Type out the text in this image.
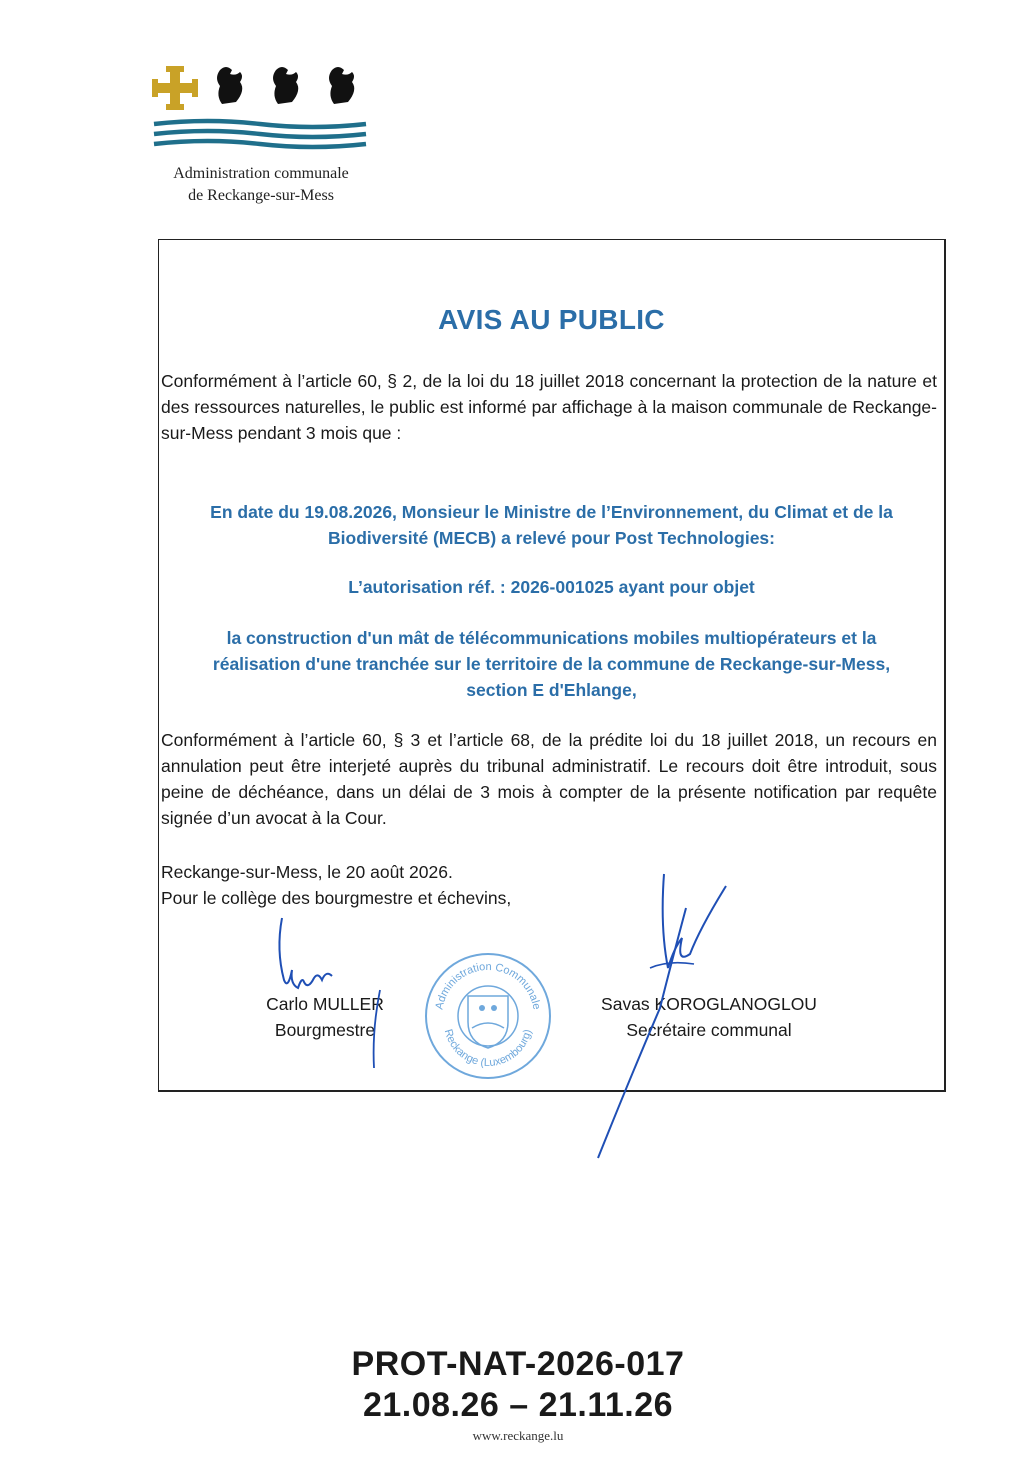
Administration communale
de Reckange-sur-Mess
AVIS AU PUBLIC

Conformément à l’article 60, § 2, de la loi du 18 juillet 2018 concernant la protection de la nature et des ressources naturelles, le public est informé par affichage à la maison communale de Reckange-sur-Mess pendant 3 mois que :

En date du 19.08.2026, Monsieur le Ministre de l’Environnement, du Climat et de la Biodiversité (MECB) a relevé pour Post Technologies:

L’autorisation réf. : 2026-001025 ayant pour objet

la construction d'un mât de télécommunications mobiles multiopérateurs et la réalisation d'une tranchée sur le territoire de la commune de Reckange-sur-Mess, section E d'Ehlange,

Conformément à l’article 60, § 3 et l’article 68, de la prédite loi du 18 juillet 2018, un recours en annulation peut être interjeté auprès du tribunal administratif. Le recours doit être introduit, sous peine de déchéance, dans un délai de 3 mois à compter de la présente notification par requête signée d’un avocat à la Cour.

Reckange-sur-Mess, le 20 août 2026.

Pour le collège des bourgmestre et échevins,

Carlo MULLER
Bourgmestre
Savas KOROGLANOGLOU
Secrétaire communal
Administration Communale
Reckange (Luxembourg)
PROT-NAT-2026-017
21.08.26 – 21.11.26
www.reckange.lu
